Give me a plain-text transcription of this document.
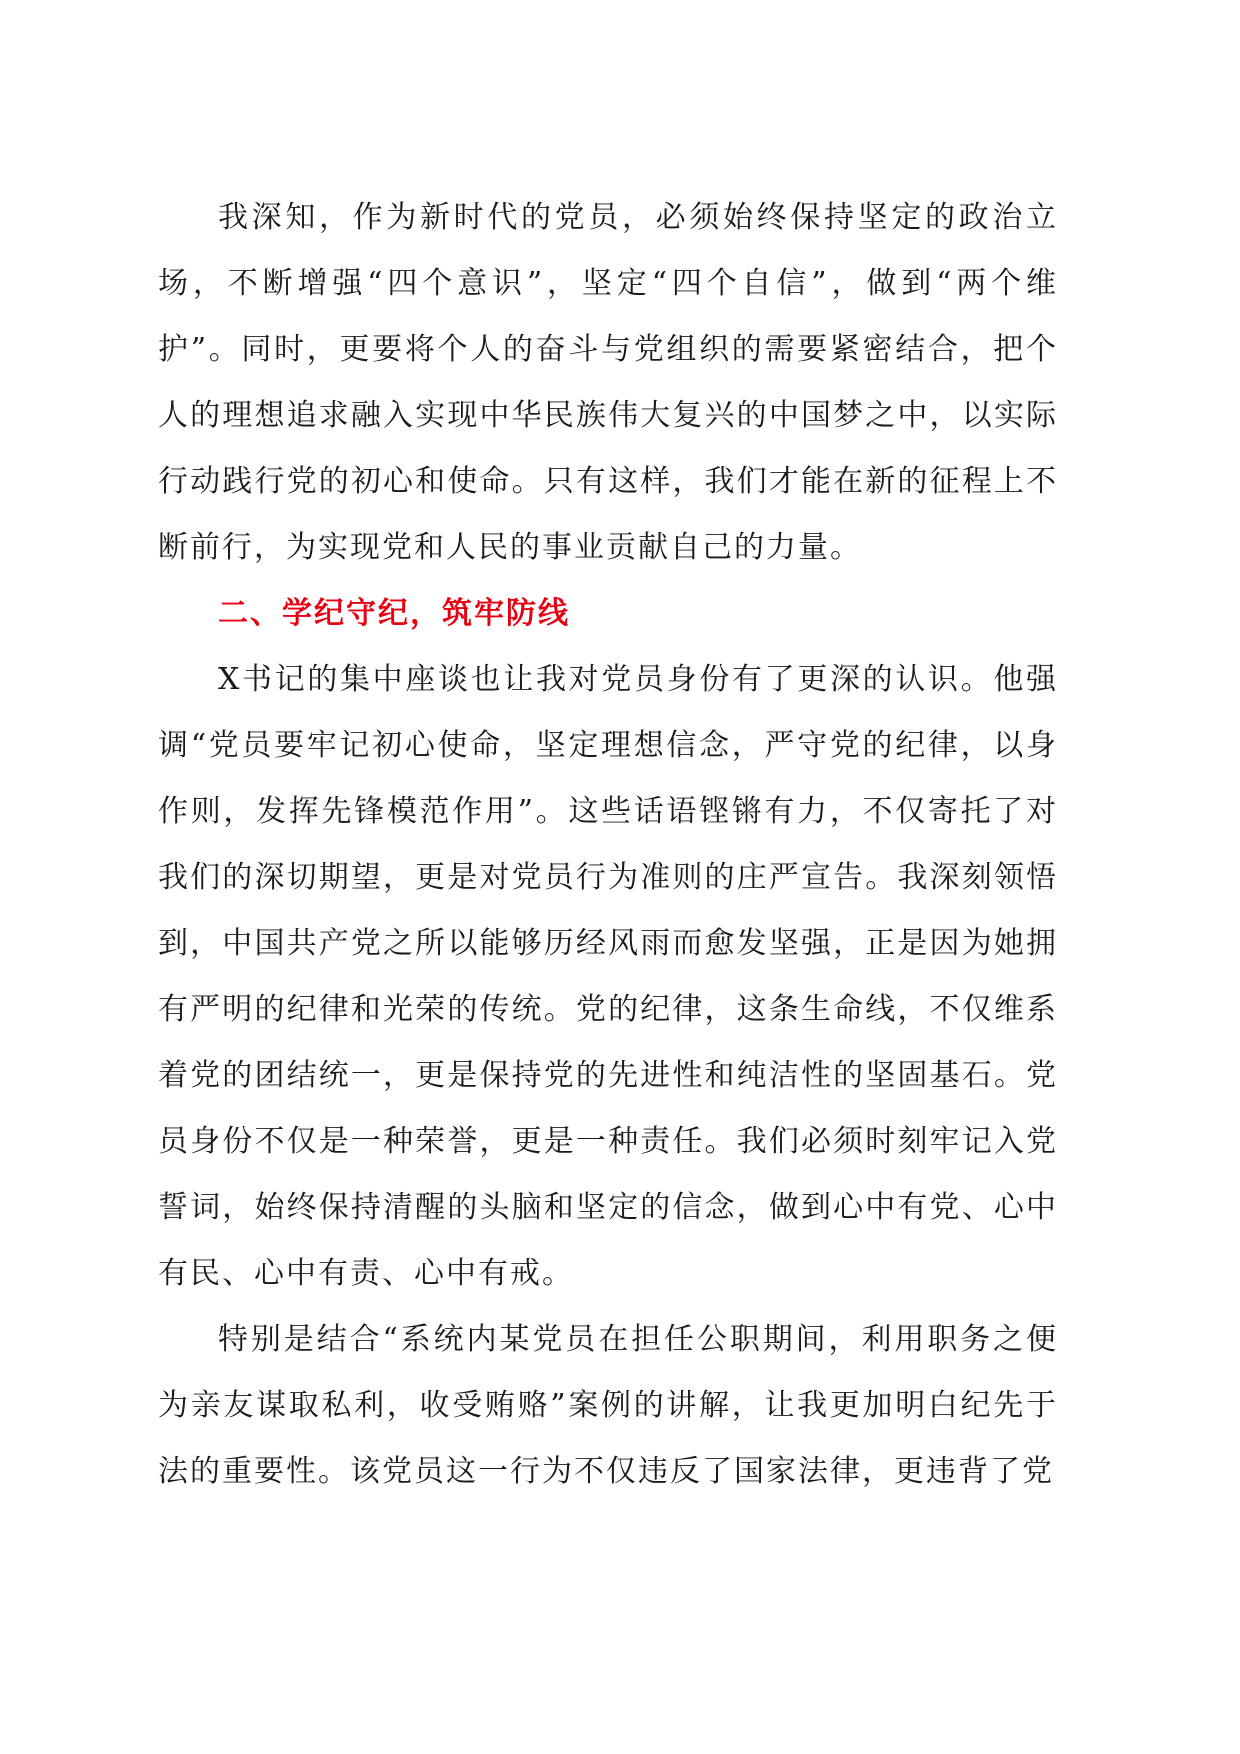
我深知，作为新时代的党员，必须始终保持坚定的政治立场，不断增强“四个意识”，坚定“四个自信”，做到“两个维护”。同时，更要将个人的奋斗与党组织的需要紧密结合，把个人的理想追求融入实现中华民族伟大复兴的中国梦之中，以实际行动践行党的初心和使命。只有这样，我们才能在新的征程上不断前行，为实现党和人民的事业贡献自己的力量。

二、学纪守纪，筑牢防线

X书记的集中座谈也让我对党员身份有了更深的认识。他强调“党员要牢记初心使命，坚定理想信念，严守党的纪律，以身作则，发挥先锋模范作用”。这些话语铿锵有力，不仅寄托了对我们的深切期望，更是对党员行为准则的庄严宣告。我深刻领悟到，中国共产党之所以能够历经风雨而愈发坚强，正是因为她拥有严明的纪律和光荣的传统。党的纪律，这条生命线，不仅维系着党的团结统一，更是保持党的先进性和纯洁性的坚固基石。党员身份不仅是一种荣誉，更是一种责任。我们必须时刻牢记入党誓词，始终保持清醒的头脑和坚定的信念，做到心中有党、心中有民、心中有责、心中有戒。

特别是结合“系统内某党员在担任公职期间，利用职务之便为亲友谋取私利，收受贿赂”案例的讲解，让我更加明白纪先于法的重要性。该党员这一行为不仅违反了国家法律，更违背了党
